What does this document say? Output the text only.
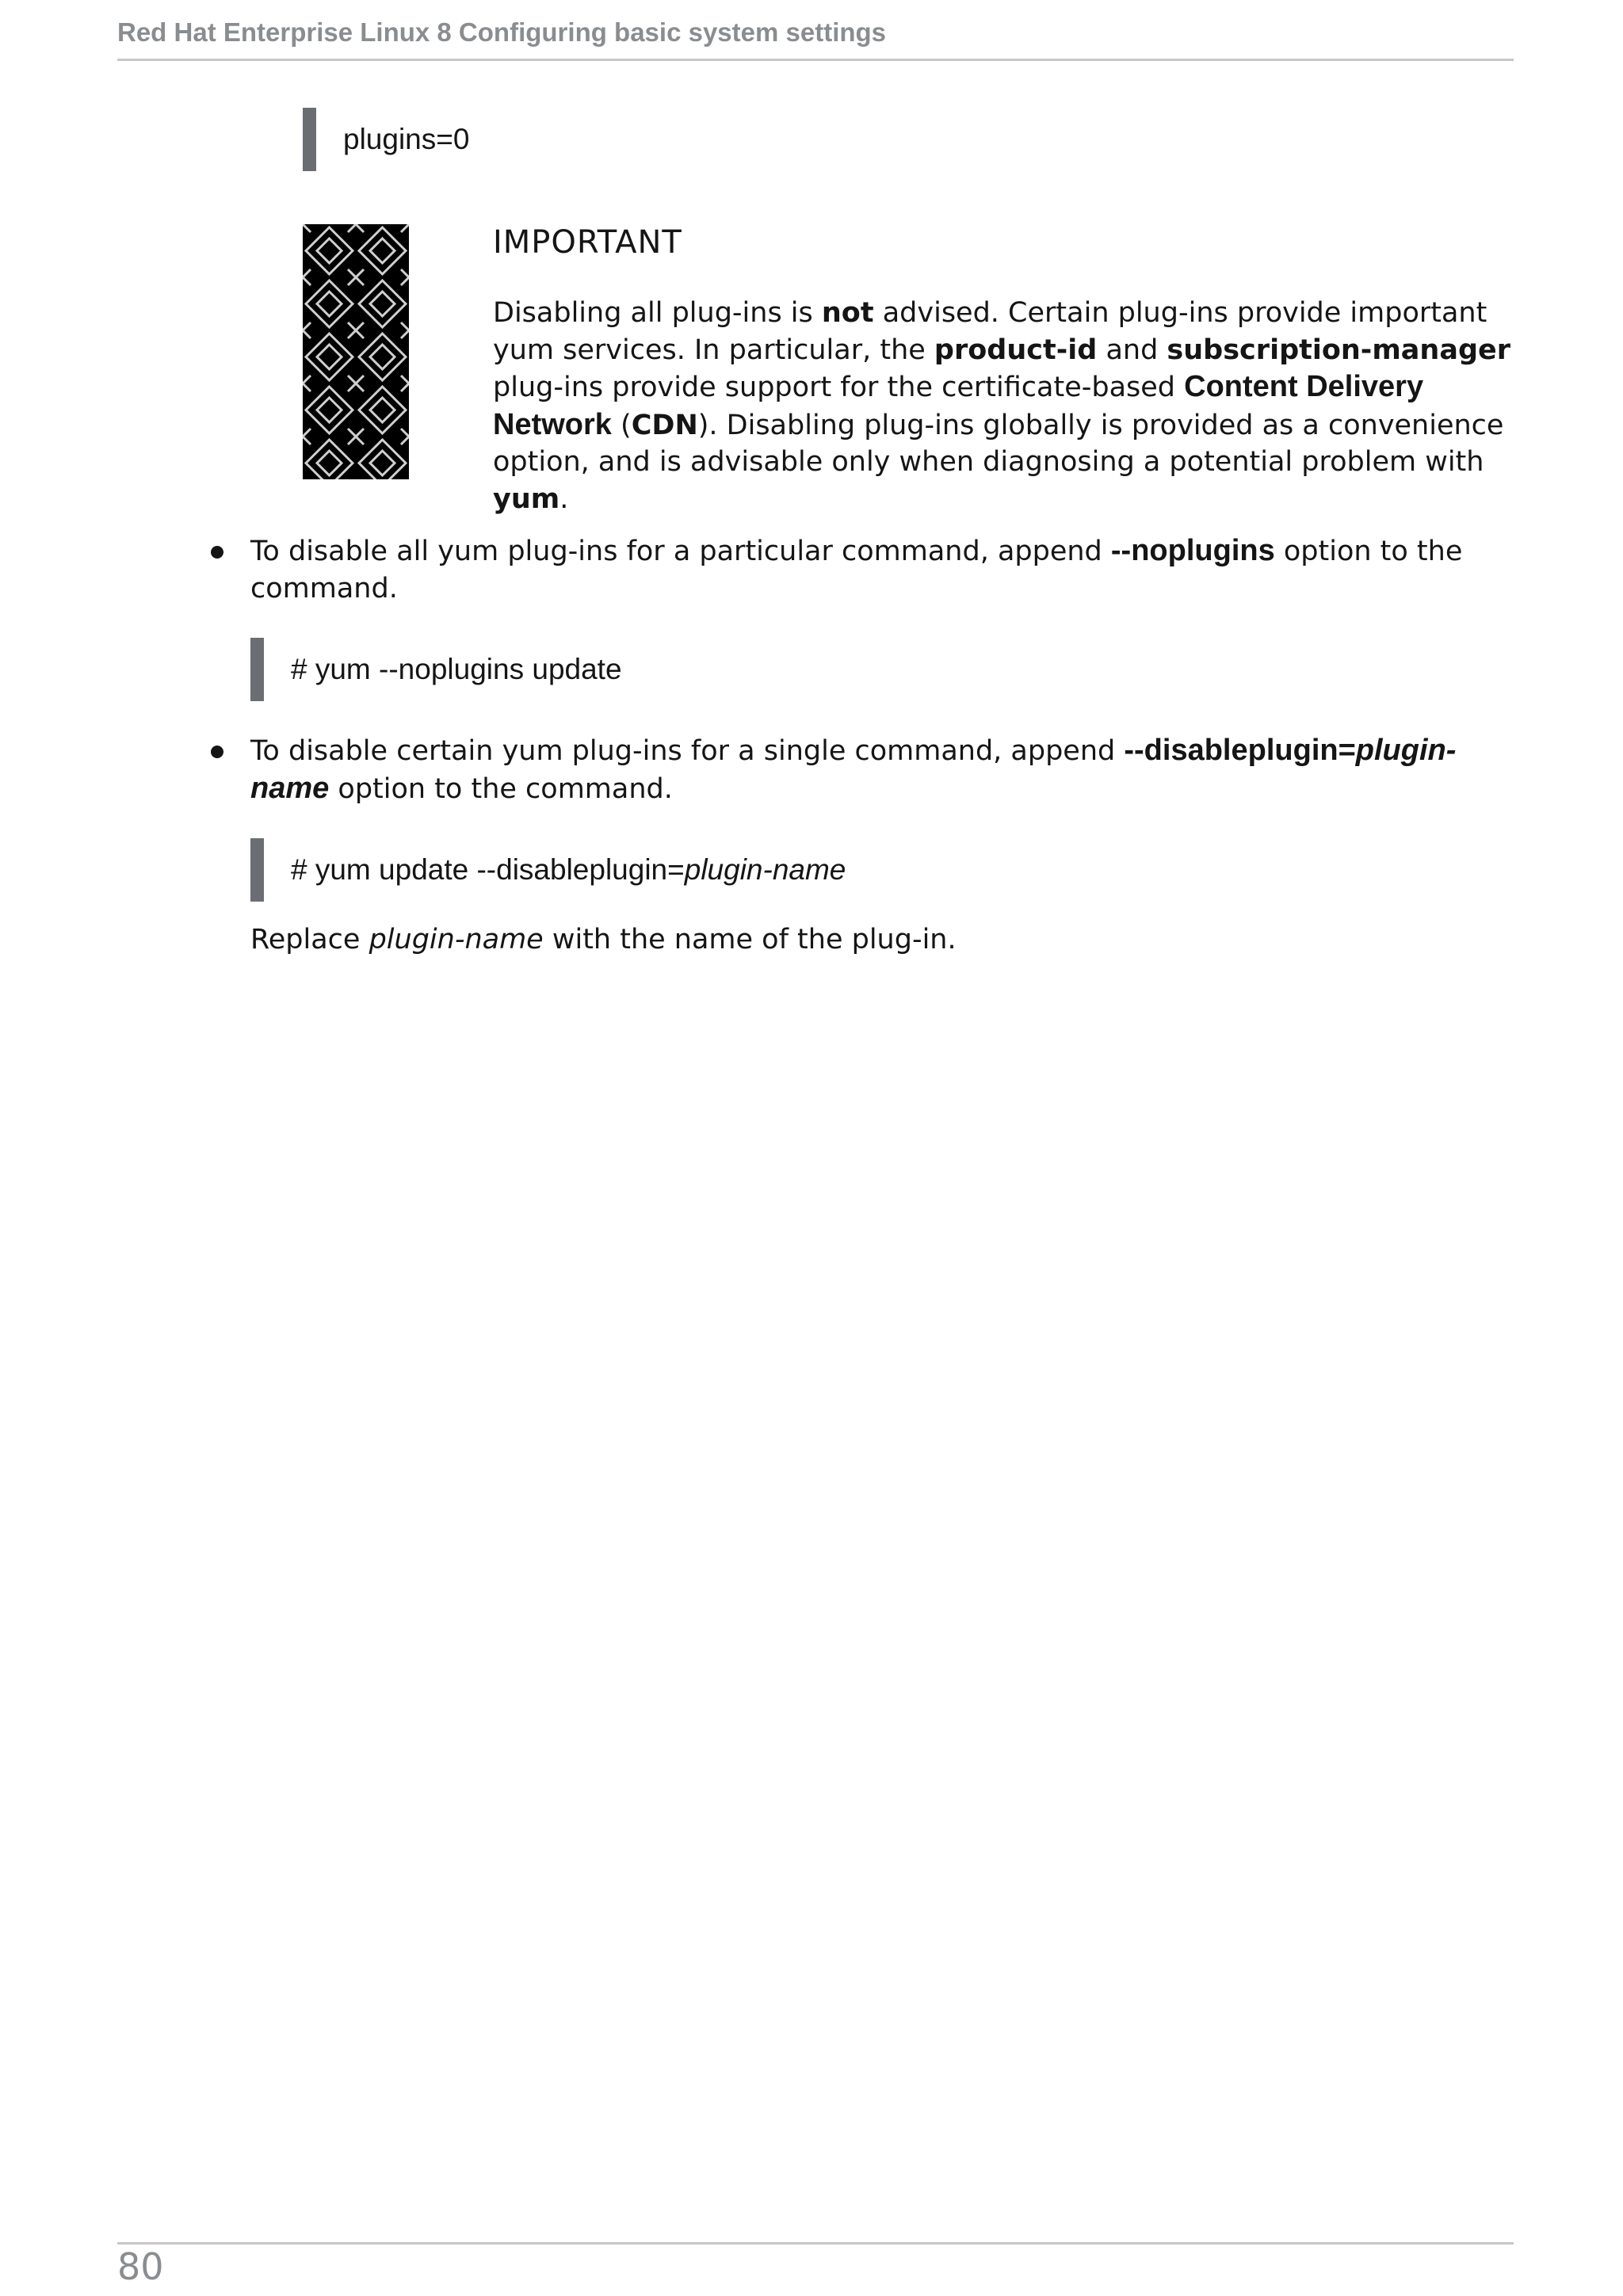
Red Hat Enterprise Linux 8 Configuring basic system settings
plugins=0
IMPORTANT
Disabling all plug-ins is not advised. Certain plug-ins provide important yum services. In particular, the product-id and subscription-manager plug-ins provide support for the certificate-based Content Delivery Network (CDN). Disabling plug-ins globally is provided as a convenience option, and is advisable only when diagnosing a potential problem with yum.
To disable all yum plug-ins for a particular command, append --noplugins option to the command.
# yum --noplugins update
To disable certain yum plug-ins for a single command, append --disableplugin=plugin-name option to the command.
# yum update --disableplugin=plugin-name
Replace plugin-name with the name of the plug-in.
80
